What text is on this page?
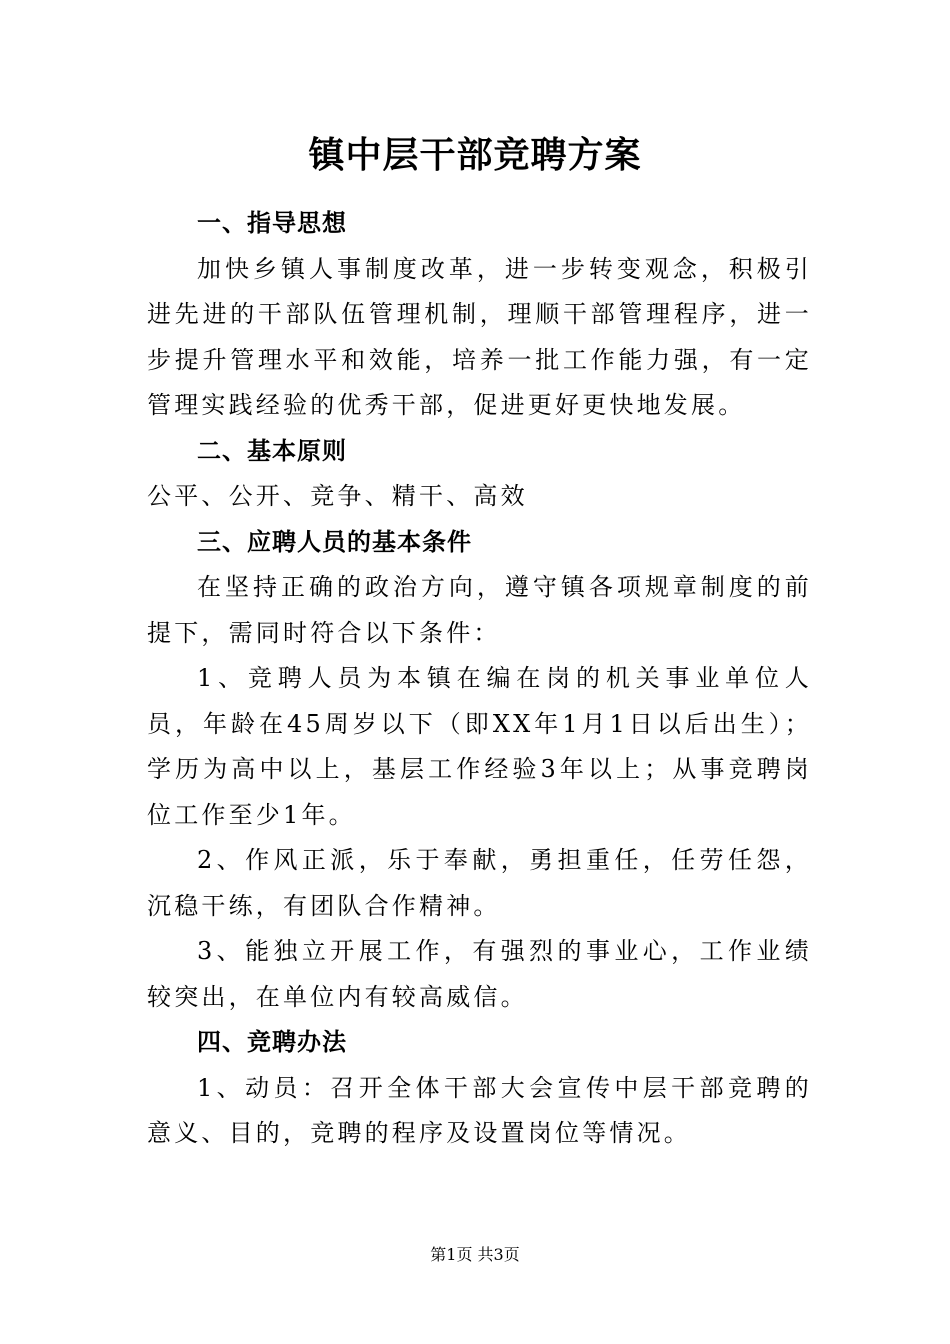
镇中层干部竞聘方案

一、指导思想

加快乡镇人事制度改革，进一步转变观念，积极引进先进的干部队伍管理机制，理顺干部管理程序，进一步提升管理水平和效能，培养一批工作能力强，有一定管理实践经验的优秀干部，促进更好更快地发展。

二、基本原则

公平、公开、竞争、精干、高效

三、应聘人员的基本条件

在坚持正确的政治方向，遵守镇各项规章制度的前提下，需同时符合以下条件：

1、竞聘人员为本镇在编在岗的机关事业单位人员，年龄在45周岁以下（即XX年1月1日以后出生）；学历为高中以上，基层工作经验3年以上；从事竞聘岗位工作至少1年。

2、作风正派，乐于奉献，勇担重任，任劳任怨，沉稳干练，有团队合作精神。

3、能独立开展工作，有强烈的事业心，工作业绩较突出，在单位内有较高威信。

四、竞聘办法

1、动员：召开全体干部大会宣传中层干部竞聘的意义、目的，竞聘的程序及设置岗位等情况。

第1页 共3页
